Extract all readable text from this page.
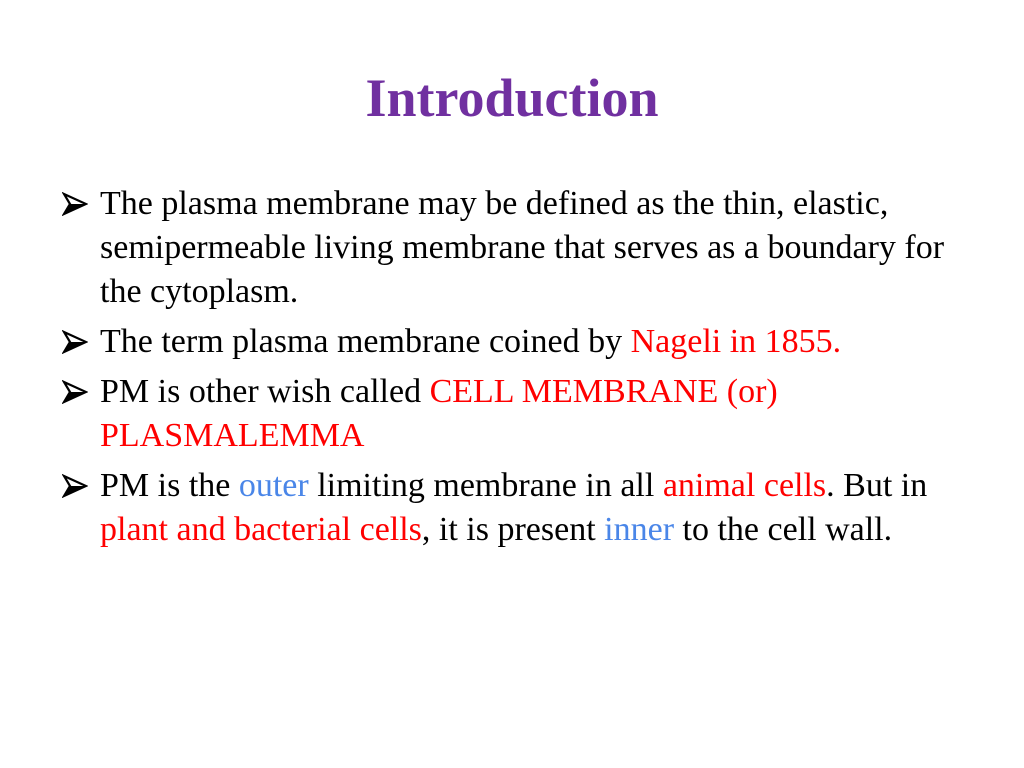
Introduction
The plasma membrane may be defined as the thin, elastic, semipermeable living membrane that serves as a boundary for the cytoplasm.
The term plasma membrane coined by Nageli in 1855.
PM is other wish called CELL MEMBRANE (or) PLASMALEMMA
PM is the outer limiting membrane in all animal cells. But in plant and bacterial cells, it is present inner to the cell wall.
